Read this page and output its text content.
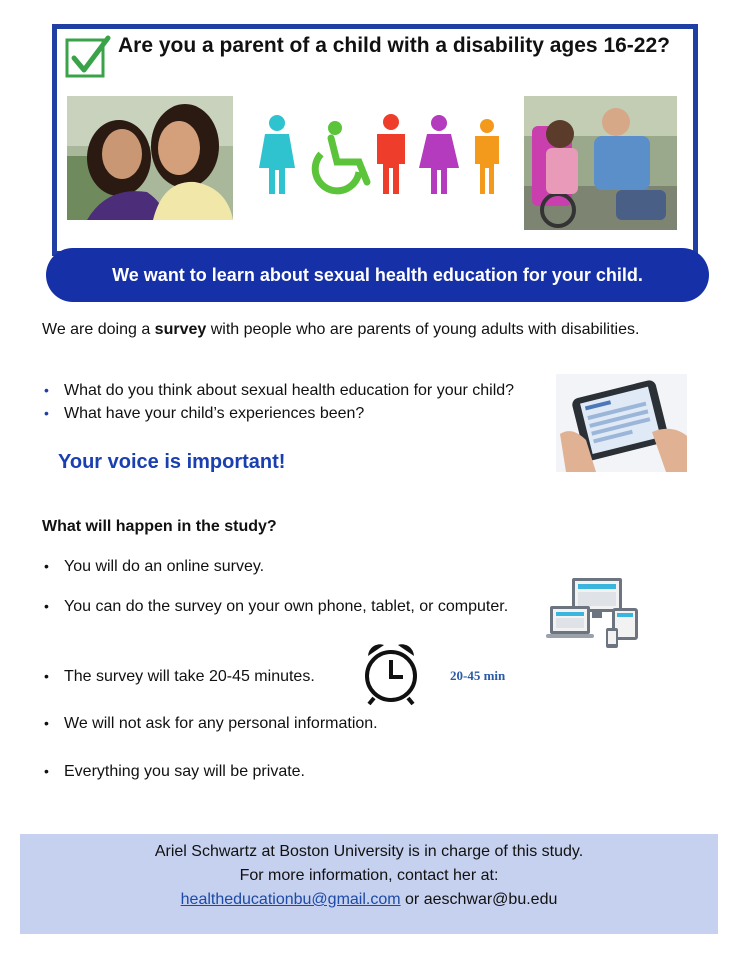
Are you a parent of a child with a disability ages 16-22?
We want to learn about sexual health education for your child.
We are doing a survey with people who are parents of young adults with disabilities.
• What do you think about sexual health education for your child?
• What have your child’s experiences been?
Your voice is important!
What will happen in the study?
• You will do an online survey.
• You can do the survey on your own phone, tablet, or computer.
• The survey will take 20-45 minutes.
• We will not ask for any personal information.
• Everything you say will be private.
20-45 min
Ariel Schwartz at Boston University is in charge of this study.
For more information, contact her at:
healtheducationbu@gmail.com or aeschwar@bu.edu
